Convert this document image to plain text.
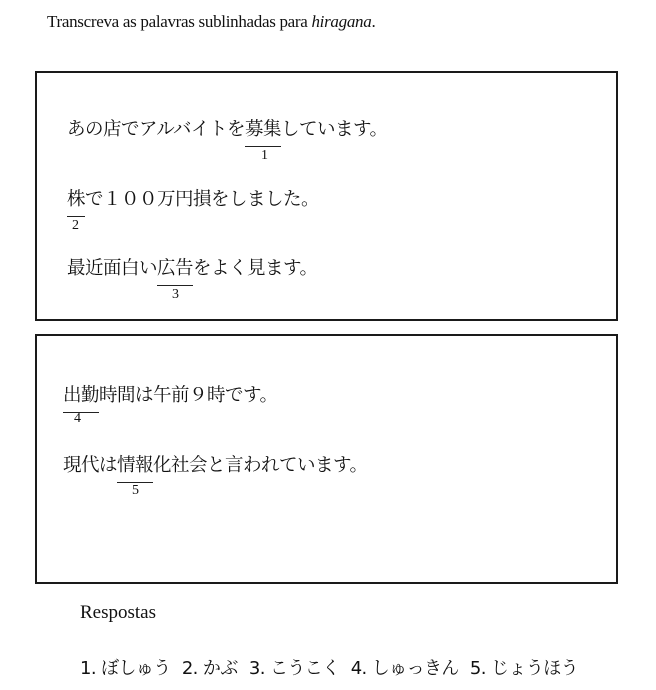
Transcreva as palavras sublinhadas para hiragana.
あの店でアルバイトを募集しています。
1
株で１００万円損をしました。
2
最近面白い広告をよく見ます。
3
出勤時間は午前９時です。
4
現代は情報化社会と言われています。
5
Respostas
1. ぼしゅう 2. かぶ 3. こうこく 4. しゅっきん 5. じょうほう
